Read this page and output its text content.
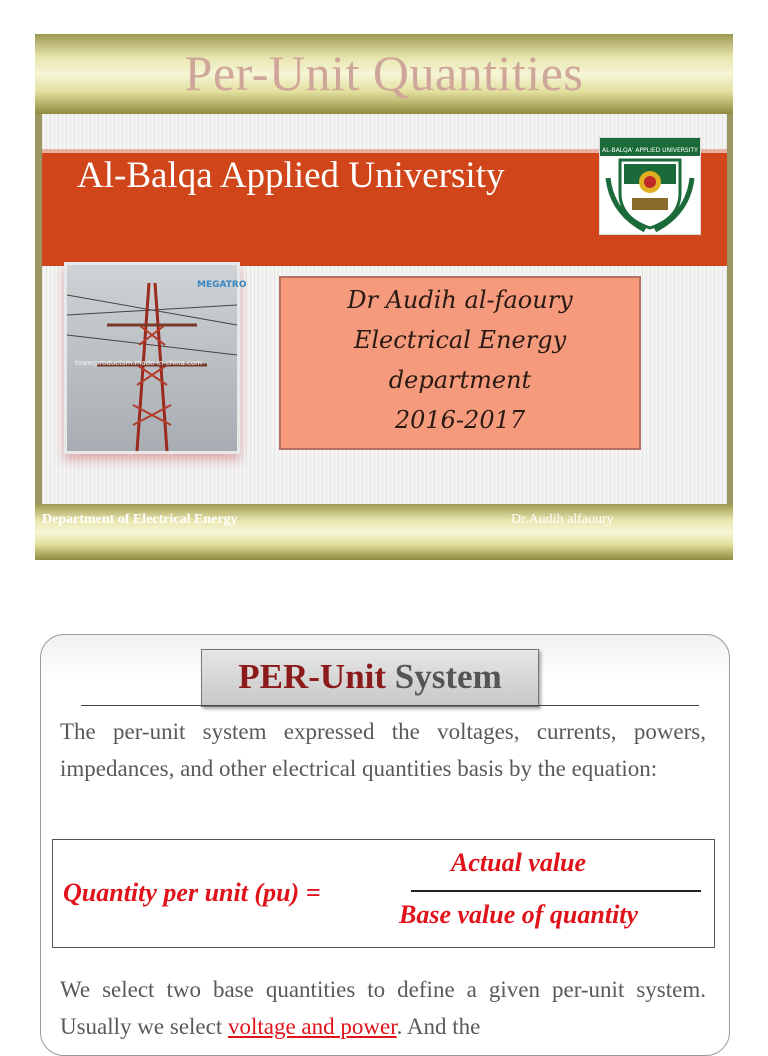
Per-Unit Quantities
Al-Balqa Applied University
AL-BALQA' APPLIED UNIVERSITY
MEGATRO
towerproductsm.made-in-china.com
Dr Audih al-faoury
Electrical Energy
department
2016-2017
Department of Electrical Energy	Dr.Audih alfaoury
PER-Unit System
The per-unit system expressed the voltages, currents, powers, impedances, and other electrical quantities basis by the equation:
Quantity per unit (pu) =
Actual value
Base value of quantity
We select two base quantities to define a given per-unit system. Usually we select voltage and power. And the
